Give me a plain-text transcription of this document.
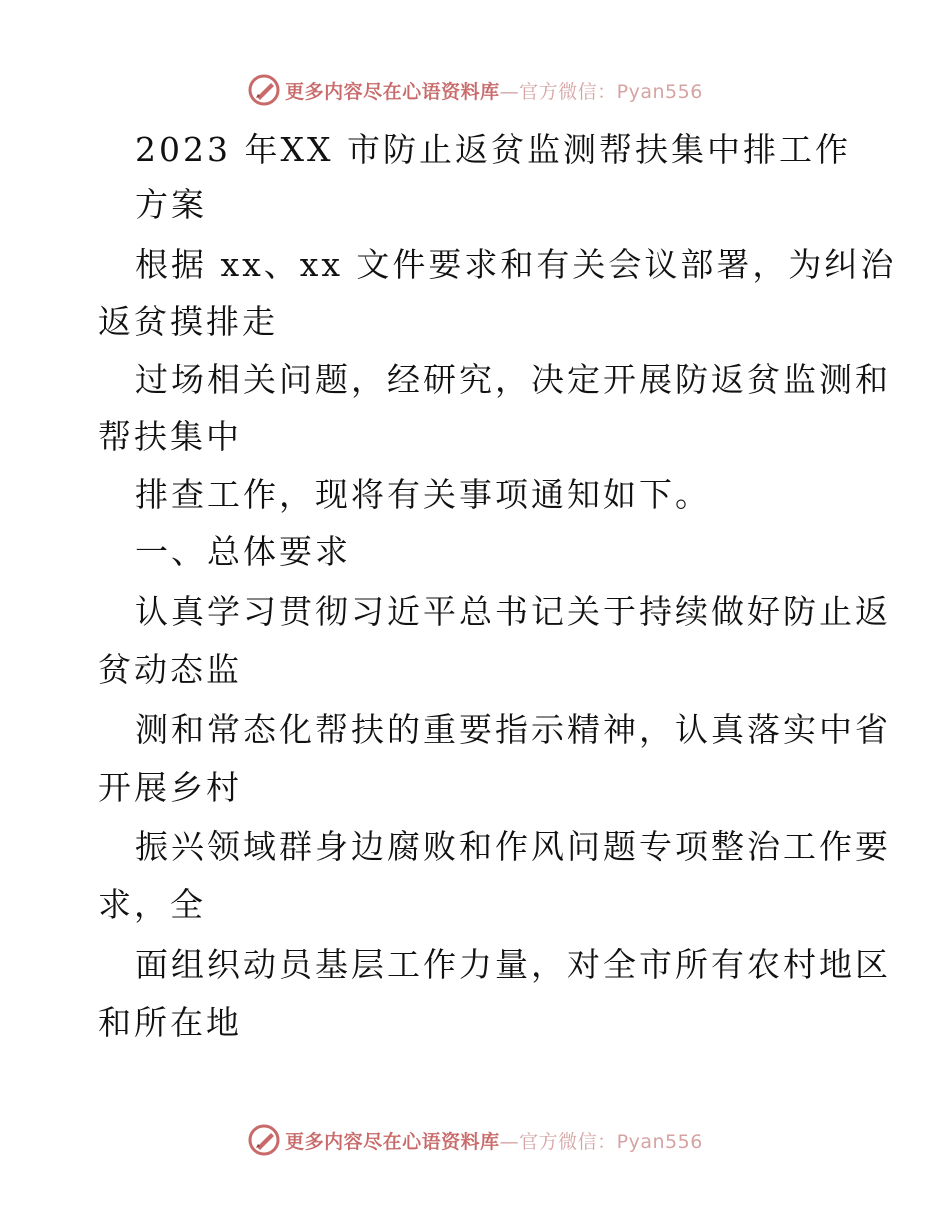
更多内容尽在心语资料库—官方微信：Pyan556
2023 年XX 市防止返贫监测帮扶集中排工作
方案
根据 xx、xx 文件要求和有关会议部署，为纠治
返贫摸排走
过场相关问题，经研究，决定开展防返贫监测和
帮扶集中
排查工作，现将有关事项通知如下。
一、总体要求
认真学习贯彻习近平总书记关于持续做好防止返
贫动态监
测和常态化帮扶的重要指示精神，认真落实中省
开展乡村
振兴领域群身边腐败和作风问题专项整治工作要
求，全
面组织动员基层工作力量，对全市所有农村地区
和所在地
更多内容尽在心语资料库—官方微信：Pyan556
